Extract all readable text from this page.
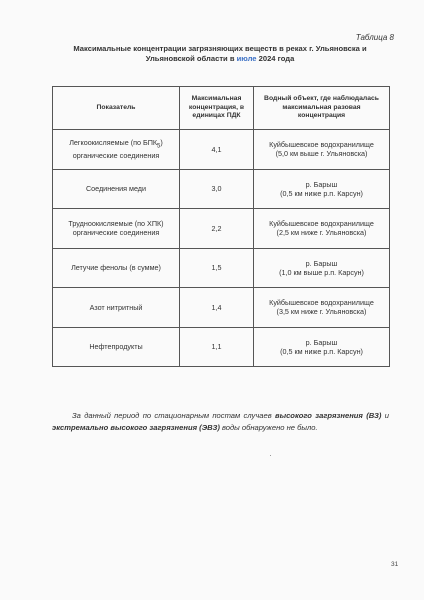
Таблица 8
Максимальные концентрации загрязняющих веществ в реках г. Ульяновска и Ульяновской области в июле 2024 года
Показатель	Максимальная концентрация, в единицах ПДК	Водный объект, где наблюдалась максимальная разовая концентрация
Легкоокисляемые (по $БПК_5$) органические соединения	4,1	Куйбышевское водохранилище
(5,0 км выше г. Ульяновска)
Соединения меди	3,0	р. Барыш
(0,5 км ниже р.п. Карсун)
Трудноокисляемые (по ХПК) органические соединения	2,2	Куйбышевское водохранилище
(2,5 км ниже г. Ульяновска)
Летучие фенолы (в сумме)	1,5	р. Барыш
(1,0 км выше р.п. Карсун)
Азот нитритный	1,4	Куйбышевское водохранилище
(3,5 км ниже г. Ульяновска)
Нефтепродукты	1,1	р. Барыш
(0,5 км ниже р.п. Карсун)

За данный период по стационарным постам случаев высокого загрязнения (ВЗ) и экстремально высокого загрязнения (ЭВЗ) воды обнаружено не было.

31
